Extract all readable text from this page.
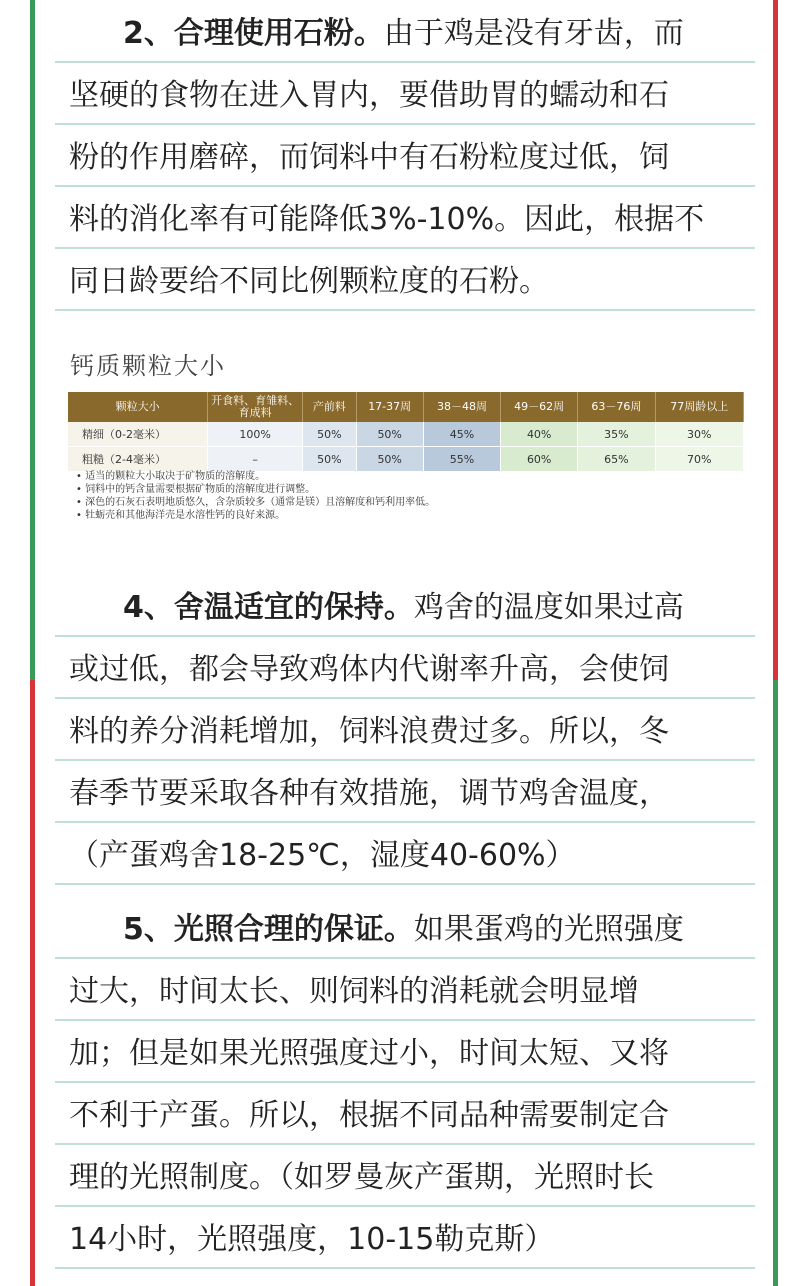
2、合理使用石粉。由于鸡是没有牙齿，而
坚硬的食物在进入胃内，要借助胃的蠕动和石
粉的作用磨碎，而饲料中有石粉粒度过低，饲
料的消化率有可能降低3%-10%。因此，根据不
同日龄要给不同比例颗粒度的石粉。
钙质颗粒大小
颗粒大小	开食料、育雏料、育成料	产前料	17-37周	38－48周	49－62周	63－76周	77周龄以上
精细（0-2毫米）	100%	50%	50%	45%	40%	35%	30%
粗糙（2-4毫米）	–	50%	50%	55%	60%	65%	70%
• 适当的颗粒大小取决于矿物质的溶解度。
• 饲料中的钙含量需要根据矿物质的溶解度进行调整。
• 深色的石灰石表明地质悠久，含杂质较多（通常是镁）且溶解度和钙利用率低。
• 牡蛎壳和其他海洋壳是水溶性钙的良好来源。
4、舍温适宜的保持。鸡舍的温度如果过高
或过低，都会导致鸡体内代谢率升高，会使饲
料的养分消耗增加，饲料浪费过多。所以，冬
春季节要采取各种有效措施，调节鸡舍温度，
（产蛋鸡舍18-25℃，湿度40-60%）
5、光照合理的保证。如果蛋鸡的光照强度
过大，时间太长、则饲料的消耗就会明显增
加；但是如果光照强度过小，时间太短、又将
不利于产蛋。所以，根据不同品种需要制定合
理的光照制度。（如罗曼灰产蛋期，光照时长
14小时，光照强度，10-15勒克斯）
